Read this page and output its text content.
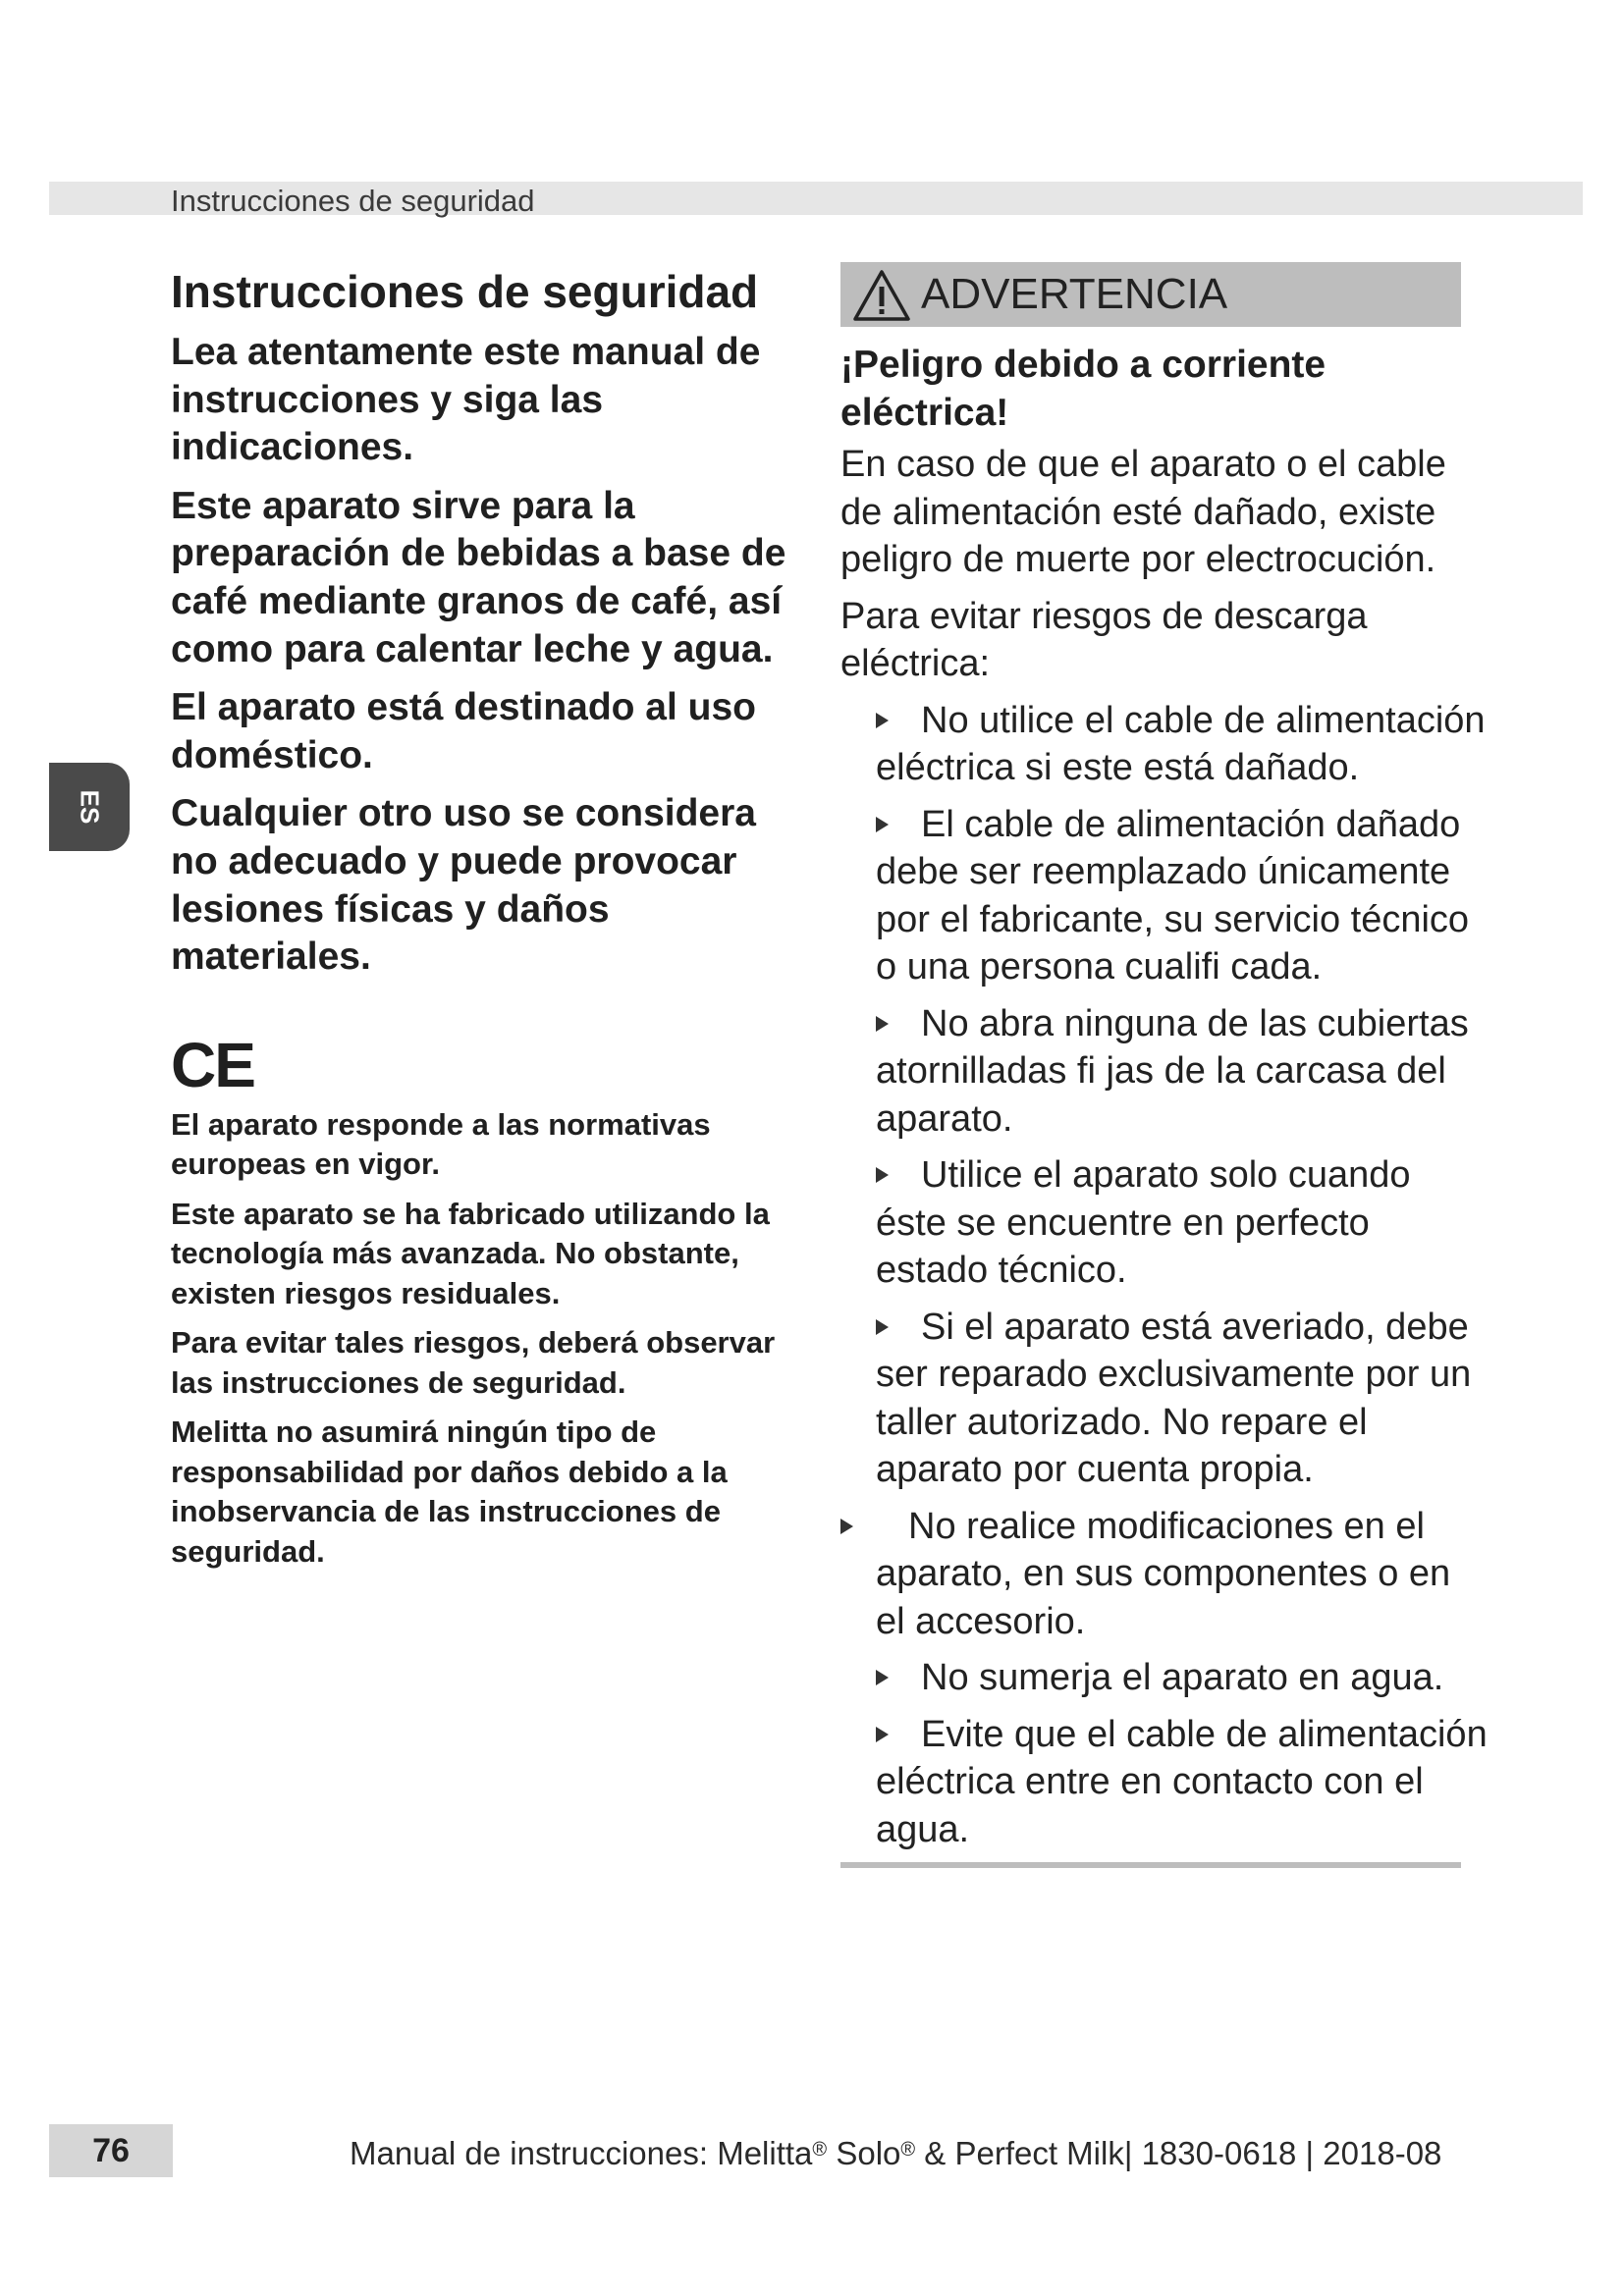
Instrucciones de seguridad
ES
Instrucciones de seguridad

Lea atentamente este manual de instrucciones y siga las indicaciones.

Este aparato sirve para la preparación de bebidas a base de café mediante granos de café, así como para calentar leche y agua.

El aparato está destinado al uso doméstico.

Cualquier otro uso se considera no adecuado y puede provocar lesiones físicas y daños materiales.

CE

El aparato responde a las normativas europeas en vigor.

Este aparato se ha fabricado utilizando la tecnología más avanzada. No obstante, existen riesgos residuales.

Para evitar tales riesgos, deberá observar las instrucciones de seguridad.

Melitta no asumirá ningún tipo de responsabilidad por daños debido a la inobservancia de las instrucciones de seguridad.

ADVERTENCIA

¡Peligro debido a corriente eléctrica!

En caso de que el aparato o el cable de alimentación esté dañado, existe peligro de muerte por electrocución.

Para evitar riesgos de descarga eléctrica:

No utilice el cable de alimentación eléctrica si este está dañado.
El cable de alimentación dañado debe ser reemplazado únicamente por el fabricante, su servicio técnico o una persona cualifi cada.
No abra ninguna de las cubiertas atornilladas fi jas de la carcasa del aparato.
Utilice el aparato solo cuando éste se encuentre en perfecto estado técnico.
Si el aparato está averiado, debe ser reparado exclusivamente por un taller autorizado. No repare el aparato por cuenta propia.
No realice modificaciones en el aparato, en sus componentes o en el accesorio.
No sumerja el aparato en agua.
Evite que el cable de alimentación eléctrica entre en contacto con el agua.
76	Manual de instrucciones: Melitta® Solo® & Perfect Milk| 1830-0618 | 2018-08
